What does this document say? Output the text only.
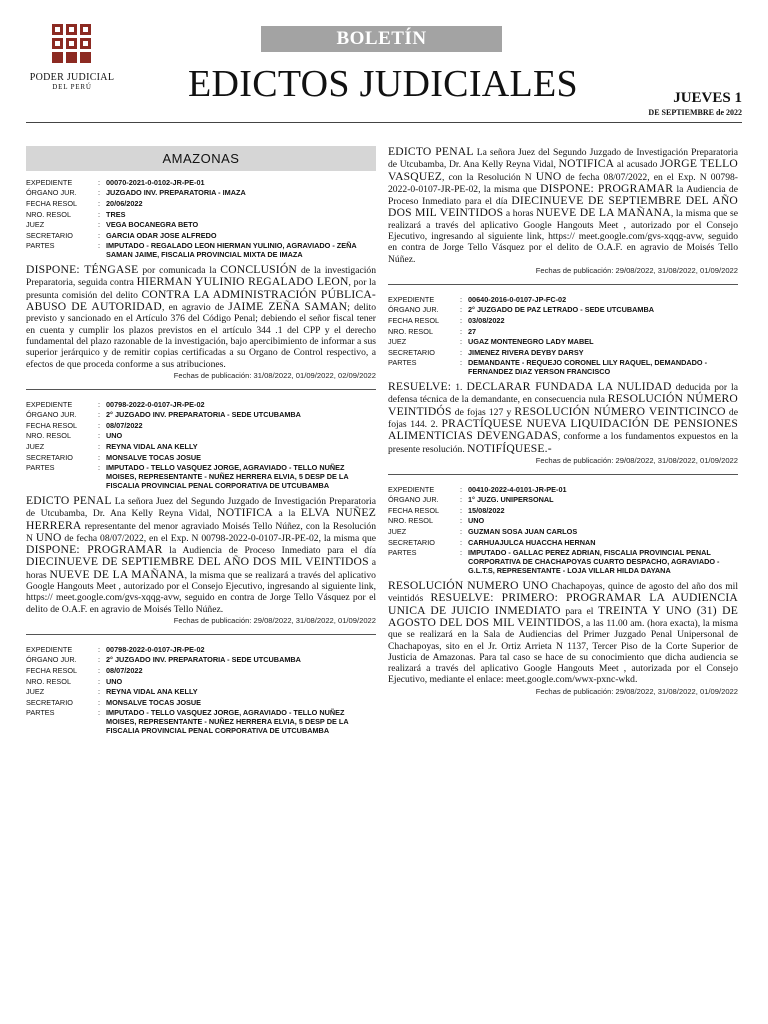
PODER JUDICIAL
DEL PERÚ
BOLETÍN
EDICTOS JUDICIALES	JUEVES 1
DE SEPTIEMBRE de 2022
AMAZONAS
EXPEDIENTE	:	00070-2021-0-0102-JR-PE-01
ÓRGANO JUR.	:	JUZGADO INV. PREPARATORIA - IMAZA
FECHA RESOL	:	20/06/2022
NRO. RESOL	:	TRES
JUEZ	:	VEGA BOCANEGRA BETO
SECRETARIO	:	GARCIA ODAR JOSE ALFREDO
PARTES	:	IMPUTADO - REGALADO LEON HIERMAN YULINIO, AGRAVIADO - ZEÑA SAMAN JAIME, FISCALIA PROVINCIAL MIXTA DE IMAZA

DISPONE: TÉNGASE por comunicada la CONCLUSIÓN de la investigación Preparatoria, seguida contra HIERMAN YULINIO REGALADO LEON, por la presunta comisión del delito CONTRA LA ADMINISTRACIÓN PÚBLICA-ABUSO DE AUTORIDAD, en agravio de JAIME ZEÑA SAMAN; delito previsto y sancionado en el Artículo 376 del Código Penal; debiendo el señor fiscal tener en cuenta y cumplir los plazos previstos en el artículo 344 .1 del CPP y el derecho fundamental del plazo razonable de la investigación, bajo apercibimiento de informar a sus superior jerárquico y de remitir copias certificadas a su Organo de Control respectivo, a efectos de que proceda conforme a sus atribuciones.

Fechas de publicación: 31/08/2022, 01/09/2022, 02/09/2022
EXPEDIENTE	:	00798-2022-0-0107-JR-PE-02
ÓRGANO JUR.	:	2° JUZGADO INV. PREPARATORIA - SEDE UTCUBAMBA
FECHA RESOL	:	08/07/2022
NRO. RESOL	:	UNO
JUEZ	:	REYNA VIDAL ANA KELLY
SECRETARIO	:	MONSALVE TOCAS JOSUE
PARTES	:	IMPUTADO - TELLO VASQUEZ JORGE, AGRAVIADO - TELLO NUÑEZ MOISES, REPRESENTANTE - NUÑEZ HERRERA ELVIA, 5 DESP DE LA FISCALIA PROVINCIAL PENAL CORPORATIVA DE UTCUBAMBA

EDICTO PENAL La señora Juez del Segundo Juzgado de Investigación Preparatoria de Utcubamba, Dr. Ana Kelly Reyna Vidal, NOTIFICA a la ELVA NUÑEZ HERRERA representante del menor agraviado Moisés Tello Núñez, con la Resolución N UNO de fecha 08/07/2022, en el Exp. N 00798-2022-0-0107-JR-PE-02, la misma que DISPONE: PROGRAMAR la Audiencia de Proceso Inmediato para el día DIECINUEVE DE SEPTIEMBRE DEL AÑO DOS MIL VEINTIDOS a horas NUEVE DE LA MAÑANA, la misma que se realizará a través del aplicativo Google Hangouts Meet , autorizado por el Consejo Ejecutivo, ingresando al siguiente link, https:// meet.google.com/gvs-xqqg-avw, seguido en contra de Jorge Tello Vásquez por el delito de O.A.F. en agravio de Moisés Tello Núñez.

Fechas de publicación: 29/08/2022, 31/08/2022, 01/09/2022
EXPEDIENTE	:	00798-2022-0-0107-JR-PE-02
ÓRGANO JUR.	:	2° JUZGADO INV. PREPARATORIA - SEDE UTCUBAMBA
FECHA RESOL	:	08/07/2022
NRO. RESOL	:	UNO
JUEZ	:	REYNA VIDAL ANA KELLY
SECRETARIO	:	MONSALVE TOCAS JOSUE
PARTES	:	IMPUTADO - TELLO VASQUEZ JORGE, AGRAVIADO - TELLO NUÑEZ MOISES, REPRESENTANTE - NUÑEZ HERRERA ELVIA, 5 DESP DE LA FISCALIA PROVINCIAL PENAL CORPORATIVA DE UTCUBAMBA

EDICTO PENAL La señora Juez del Segundo Juzgado de Investigación Preparatoria de Utcubamba, Dr. Ana Kelly Reyna Vidal, NOTIFICA al acusado JORGE TELLO VASQUEZ, con la Resolución N UNO de fecha 08/07/2022, en el Exp. N 00798-2022-0-0107-JR-PE-02, la misma que DISPONE: PROGRAMAR la Audiencia de Proceso Inmediato para el día DIECINUEVE DE SEPTIEMBRE DEL AÑO DOS MIL VEINTIDOS a horas NUEVE DE LA MAÑANA, la misma que se realizará a través del aplicativo Google Hangouts Meet , autorizado por el Consejo Ejecutivo, ingresando al siguiente link, https:// meet.google.com/gvs-xqqg-avw, seguido en contra de Jorge Tello Vásquez por el delito de O.A.F. en agravio de Moisés Tello Núñez.

Fechas de publicación: 29/08/2022, 31/08/2022, 01/09/2022
EXPEDIENTE	:	00640-2016-0-0107-JP-FC-02
ÓRGANO JUR.	:	2° JUZGADO DE PAZ LETRADO - SEDE UTCUBAMBA
FECHA RESOL	:	03/08/2022
NRO. RESOL	:	27
JUEZ	:	UGAZ MONTENEGRO LADY MABEL
SECRETARIO	:	JIMENEZ RIVERA DEYBY DARSY
PARTES	:	DEMANDANTE - REQUEJO CORONEL LILY RAQUEL, DEMANDADO - FERNANDEZ DIAZ YERSON FRANCISCO

RESUELVE: 1. DECLARAR FUNDADA LA NULIDAD deducida por la defensa técnica de la demandante, en consecuencia nula RESOLUCIÓN NÚMERO VEINTIDÓS de fojas 127 y RESOLUCIÓN NÚMERO VEINTICINCO de fojas 144. 2. PRACTÍQUESE NUEVA LIQUIDACIÓN DE PENSIONES ALIMENTICIAS DEVENGADAS, conforme a los fundamentos expuestos en la presente resolución. NOTIFÍQUESE.-

Fechas de publicación: 29/08/2022, 31/08/2022, 01/09/2022
EXPEDIENTE	:	00410-2022-4-0101-JR-PE-01
ÓRGANO JUR.	:	1° JUZG. UNIPERSONAL
FECHA RESOL	:	15/08/2022
NRO. RESOL	:	UNO
JUEZ	:	GUZMAN SOSA JUAN CARLOS
SECRETARIO	:	CARHUAJULCA HUACCHA HERNAN
PARTES	:	IMPUTADO - GALLAC PEREZ ADRIAN, FISCALIA PROVINCIAL PENAL CORPORATIVA DE CHACHAPOYAS CUARTO DESPACHO, AGRAVIADO - G.L.T.S, REPRESENTANTE - LOJA VILLAR HILDA DAYANA

RESOLUCIÓN NUMERO UNO Chachapoyas, quince de agosto del año dos mil veintidós RESUELVE: PRIMERO: PROGRAMAR LA AUDIENCIA UNICA DE JUICIO INMEDIATO para el TREINTA Y UNO (31) DE AGOSTO DEL DOS MIL VEINTIDOS, a las 11.00 am. (hora exacta), la misma que se realizará en la Sala de Audiencias del Primer Juzgado Penal Unipersonal de Chachapoyas, sito en el Jr. Ortiz Arrieta N 1137, Tercer Piso de la Corte Superior de Justicia de Amazonas. Para tal caso se hace de su conocimiento que dicha audiencia se realizará a través del aplicativo Google Hangouts Meet , autorizada por el Consejo Ejecutivo, mediante el enlace: meet.google.com/wwx-pxnc-wkd.

Fechas de publicación: 29/08/2022, 31/08/2022, 01/09/2022
